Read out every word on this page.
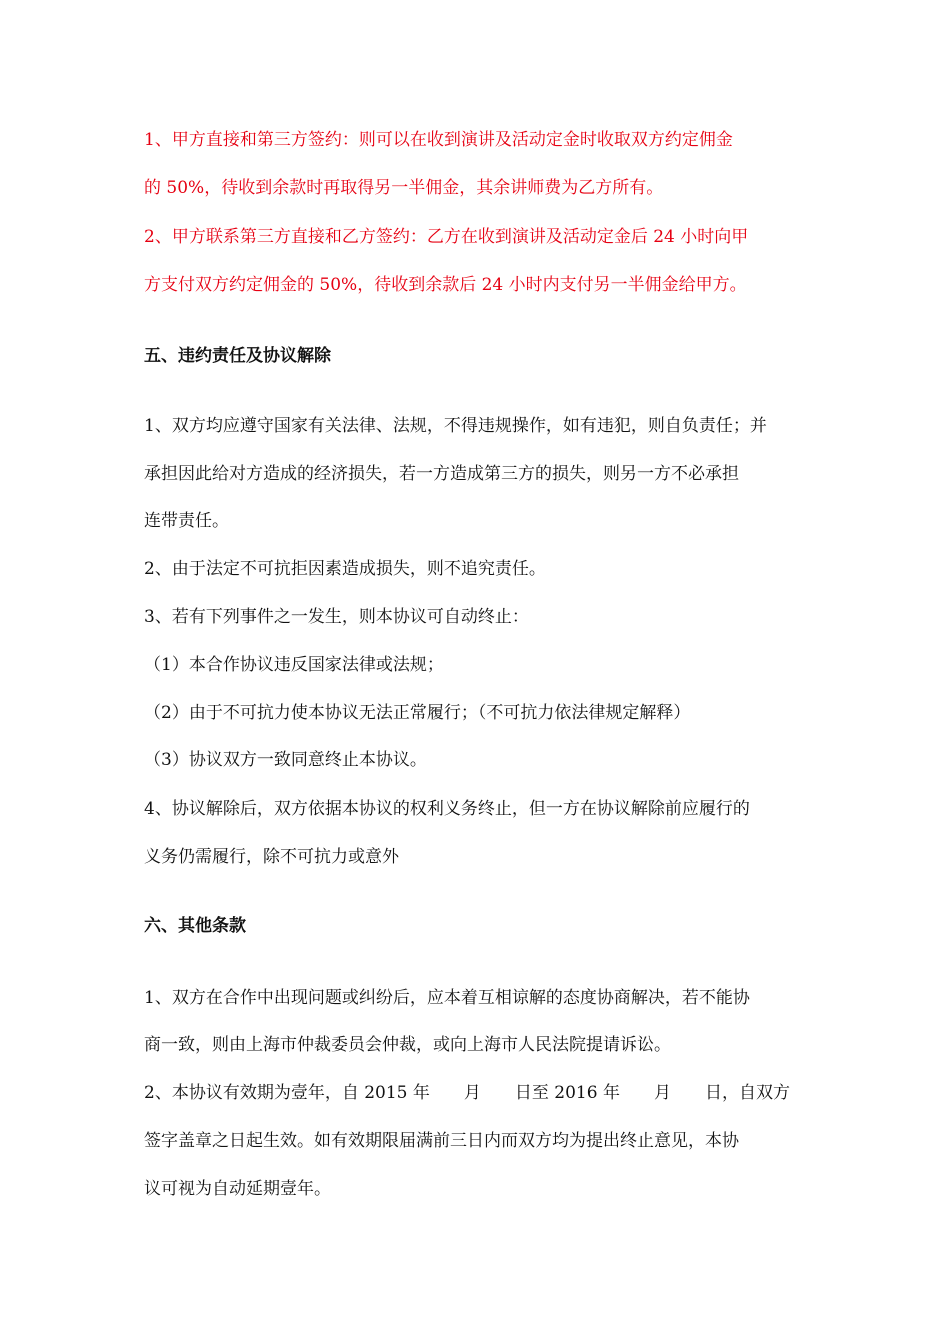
1、甲方直接和第三方签约：则可以在收到演讲及活动定金时收取双方约定佣金
的 50%，待收到余款时再取得另一半佣金，其余讲师费为乙方所有。
2、甲方联系第三方直接和乙方签约：乙方在收到演讲及活动定金后 24 小时向甲
方支付双方约定佣金的 50%，待收到余款后 24 小时内支付另一半佣金给甲方。
五、违约责任及协议解除
1、双方均应遵守国家有关法律、法规，不得违规操作，如有违犯，则自负责任；并
承担因此给对方造成的经济损失，若一方造成第三方的损失，则另一方不必承担
连带责任。
2、由于法定不可抗拒因素造成损失，则不追究责任。
3、若有下列事件之一发生，则本协议可自动终止：
（1）本合作协议违反国家法律或法规；
（2）由于不可抗力使本协议无法正常履行；（不可抗力依法律规定解释）
（3）协议双方一致同意终止本协议。
4、协议解除后，双方依据本协议的权利义务终止，但一方在协议解除前应履行的
义务仍需履行，除不可抗力或意外
六、其他条款
1、双方在合作中出现问题或纠纷后，应本着互相谅解的态度协商解决，若不能协
商一致，则由上海市仲裁委员会仲裁，或向上海市人民法院提请诉讼。
2、本协议有效期为壹年，自 2015 年　　月　　日至 2016 年　　月　　日，自双方
签字盖章之日起生效。如有效期限届满前三日内而双方均为提出终止意见，本协
议可视为自动延期壹年。
